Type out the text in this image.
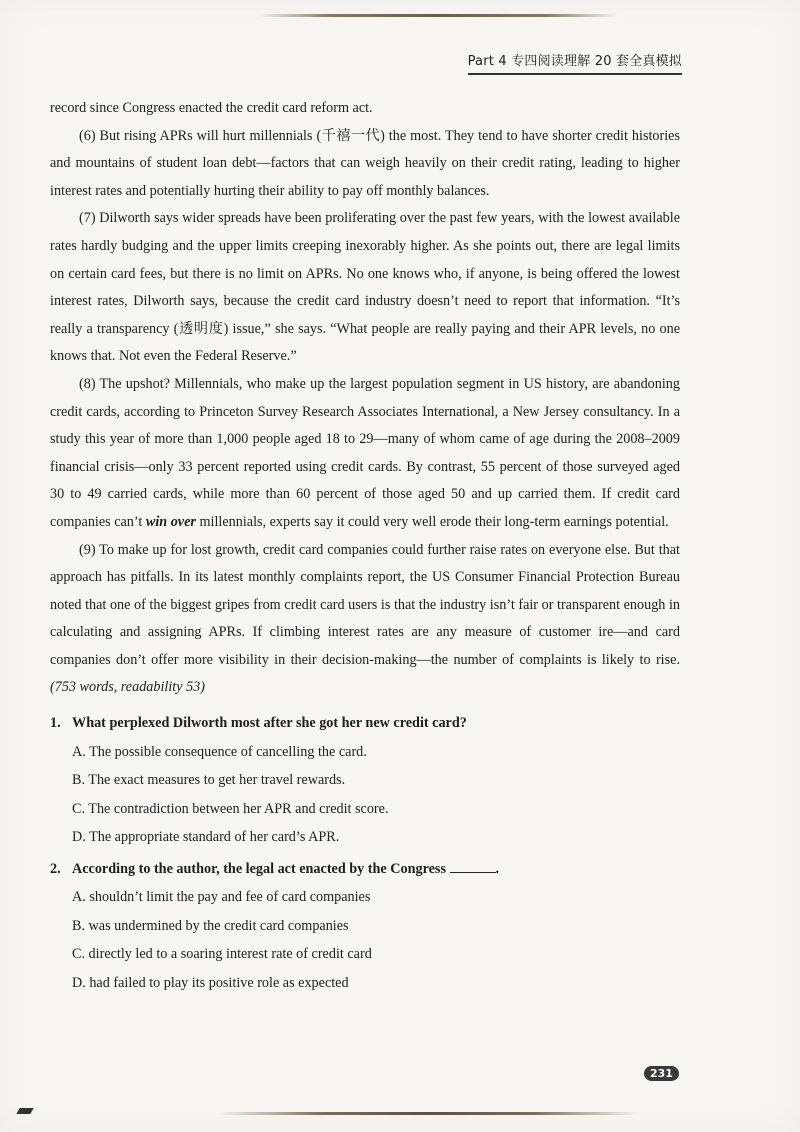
Part 4 专四阅读理解 20 套全真模拟

record since Congress enacted the credit card reform act.

(6) But rising APRs will hurt millennials (千禧一代) the most. They tend to have shorter credit histories and mountains of student loan debt—factors that can weigh heavily on their credit rating, leading to higher interest rates and potentially hurting their ability to pay off monthly balances.

(7) Dilworth says wider spreads have been proliferating over the past few years, with the lowest available rates hardly budging and the upper limits creeping inexorably higher. As she points out, there are legal limits on certain card fees, but there is no limit on APRs. No one knows who, if anyone, is being offered the lowest interest rates, Dilworth says, because the credit card industry doesn’t need to report that information. “It’s really a transparency (透明度) issue,” she says. “What people are really paying and their APR levels, no one knows that. Not even the Federal Reserve.”

(8) The upshot? Millennials, who make up the largest population segment in US history, are abandoning credit cards, according to Princeton Survey Research Associates International, a New Jersey consultancy. In a study this year of more than 1,000 people aged 18 to 29—many of whom came of age during the 2008–2009 financial crisis—only 33 percent reported using credit cards. By contrast, 55 percent of those surveyed aged 30 to 49 carried cards, while more than 60 percent of those aged 50 and up carried them. If credit card companies can’t win over millennials, experts say it could very well erode their long-term earnings potential.

(9) To make up for lost growth, credit card companies could further raise rates on everyone else. But that approach has pitfalls. In its latest monthly complaints report, the US Consumer Financial Protection Bureau noted that one of the biggest gripes from credit card users is that the industry isn’t fair or transparent enough in calculating and assigning APRs. If climbing interest rates are any measure of customer ire—and card companies don’t offer more visibility in their decision-making—the number of complaints is likely to rise. (753 words, readability 53)

1. What perplexed Dilworth most after she got her new credit card?
A. The possible consequence of cancelling the card.
B. The exact measures to get her travel rewards.
C. The contradiction between her APR and credit score.
D. The appropriate standard of her card’s APR.
2. According to the author, the legal act enacted by the Congress	.
A. shouldn’t limit the pay and fee of card companies
B. was undermined by the credit card companies
C. directly led to a soaring interest rate of credit card
D. had failed to play its positive role as expected
231
